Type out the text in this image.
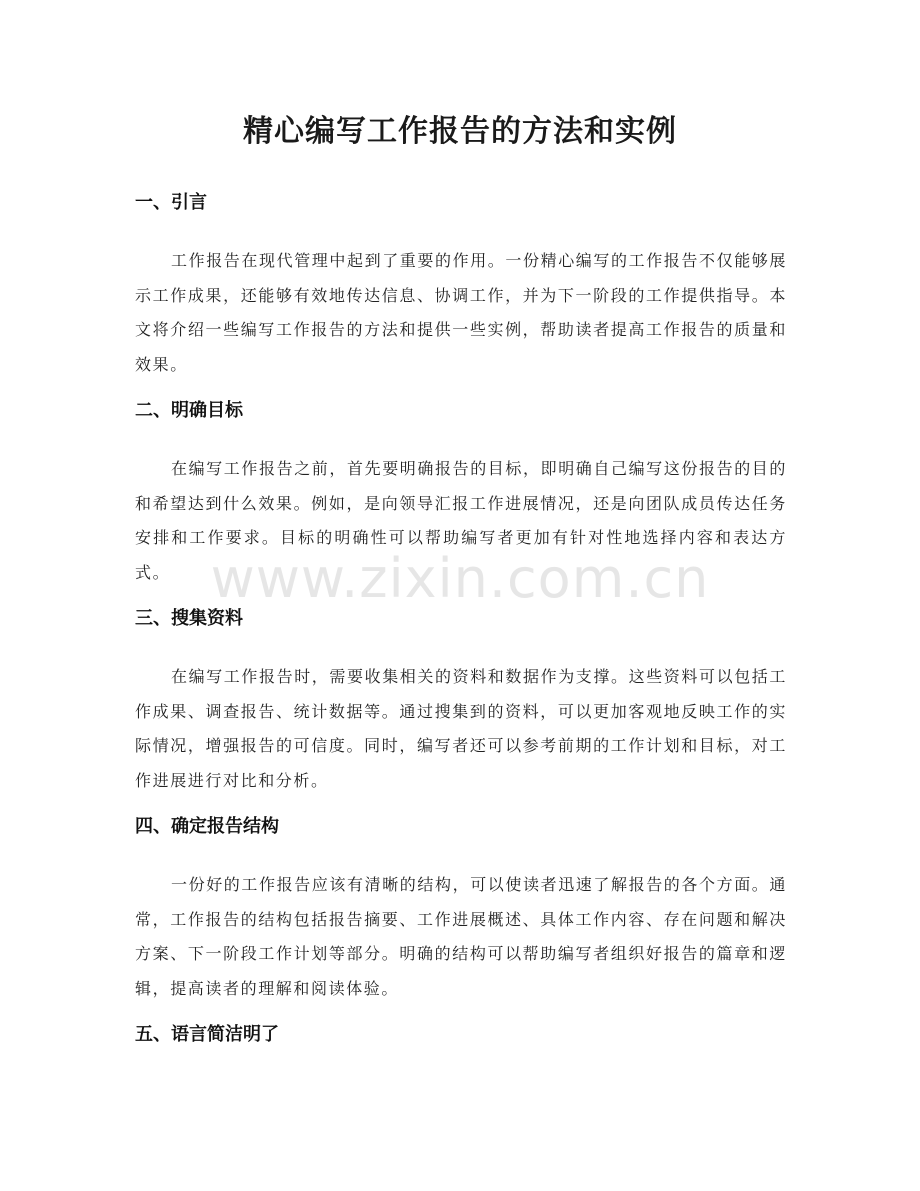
精心编写工作报告的方法和实例
一、引言

工作报告在现代管理中起到了重要的作用。一份精心编写的工作报告不仅能够展示工作成果，还能够有效地传达信息、协调工作，并为下一阶段的工作提供指导。本文将介绍一些编写工作报告的方法和提供一些实例，帮助读者提高工作报告的质量和效果。

二、明确目标

在编写工作报告之前，首先要明确报告的目标，即明确自己编写这份报告的目的和希望达到什么效果。例如，是向领导汇报工作进展情况，还是向团队成员传达任务安排和工作要求。目标的明确性可以帮助编写者更加有针对性地选择内容和表达方式。

三、搜集资料

在编写工作报告时，需要收集相关的资料和数据作为支撑。这些资料可以包括工作成果、调查报告、统计数据等。通过搜集到的资料，可以更加客观地反映工作的实际情况，增强报告的可信度。同时，编写者还可以参考前期的工作计划和目标，对工作进展进行对比和分析。

四、确定报告结构

一份好的工作报告应该有清晰的结构，可以使读者迅速了解报告的各个方面。通常，工作报告的结构包括报告摘要、工作进展概述、具体工作内容、存在问题和解决方案、下一阶段工作计划等部分。明确的结构可以帮助编写者组织好报告的篇章和逻辑，提高读者的理解和阅读体验。

五、语言简洁明了
www.zixin.com.cn
